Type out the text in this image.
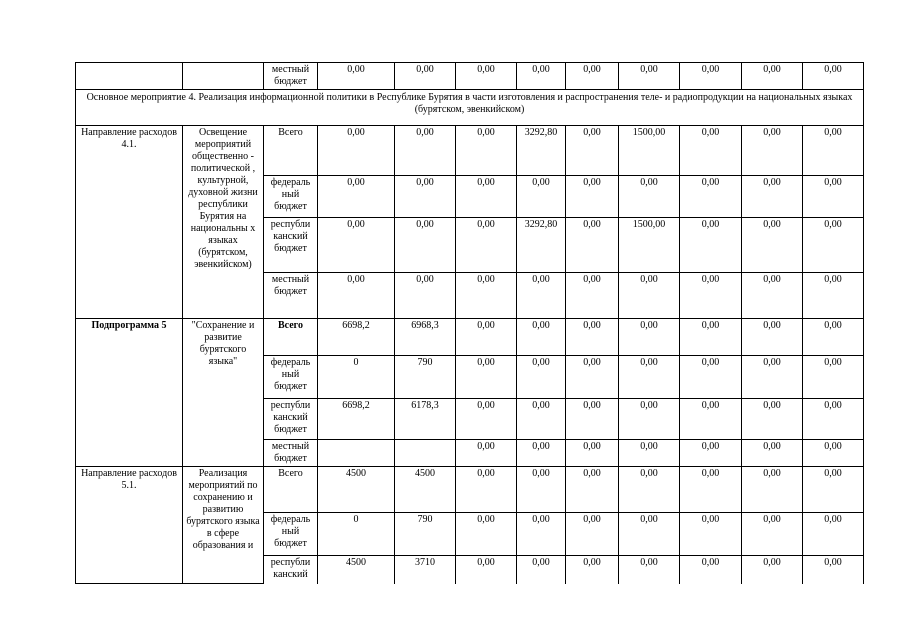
		местный бюджет	0,00	0,00	0,00	0,00	0,00	0,00	0,00	0,00	0,00
Основное мероприятие 4. Реализация информационной политики в Республике Бурятия в части изготовления и распространения теле- и радиопродукции на национальных языках (бурятском, эвенкийском)											
Направление расходов 4.1.	Освещение мероприятий общественно - политической , культурной, духовной жизни республики Бурятия на национальны х языках (бурятском, эвенкийском)	Всего	0,00	0,00	0,00	3292,80	0,00	1500,00	0,00	0,00	0,00
		федераль ный бюджет	0,00	0,00	0,00	0,00	0,00	0,00	0,00	0,00	0,00
		республи канский бюджет	0,00	0,00	0,00	3292,80	0,00	1500,00	0,00	0,00	0,00
		местный бюджет	0,00	0,00	0,00	0,00	0,00	0,00	0,00	0,00	0,00
Подпрограмма 5	"Сохранение и развитие бурятского языка"	Всего	6698,2	6968,3	0,00	0,00	0,00	0,00	0,00	0,00	0,00
		федераль ный бюджет	0	790	0,00	0,00	0,00	0,00	0,00	0,00	0,00
		республи канский бюджет	6698,2	6178,3	0,00	0,00	0,00	0,00	0,00	0,00	0,00
		местный бюджет			0,00	0,00	0,00	0,00	0,00	0,00	0,00
Направление расходов 5.1.	Реализация мероприятий по сохранению и развитию бурятского языка в сфере образования и	Всего	4500	4500	0,00	0,00	0,00	0,00	0,00	0,00	0,00
		федераль ный бюджет	0	790	0,00	0,00	0,00	0,00	0,00	0,00	0,00
		республи канский	4500	3710	0,00	0,00	0,00	0,00	0,00	0,00	0,00
